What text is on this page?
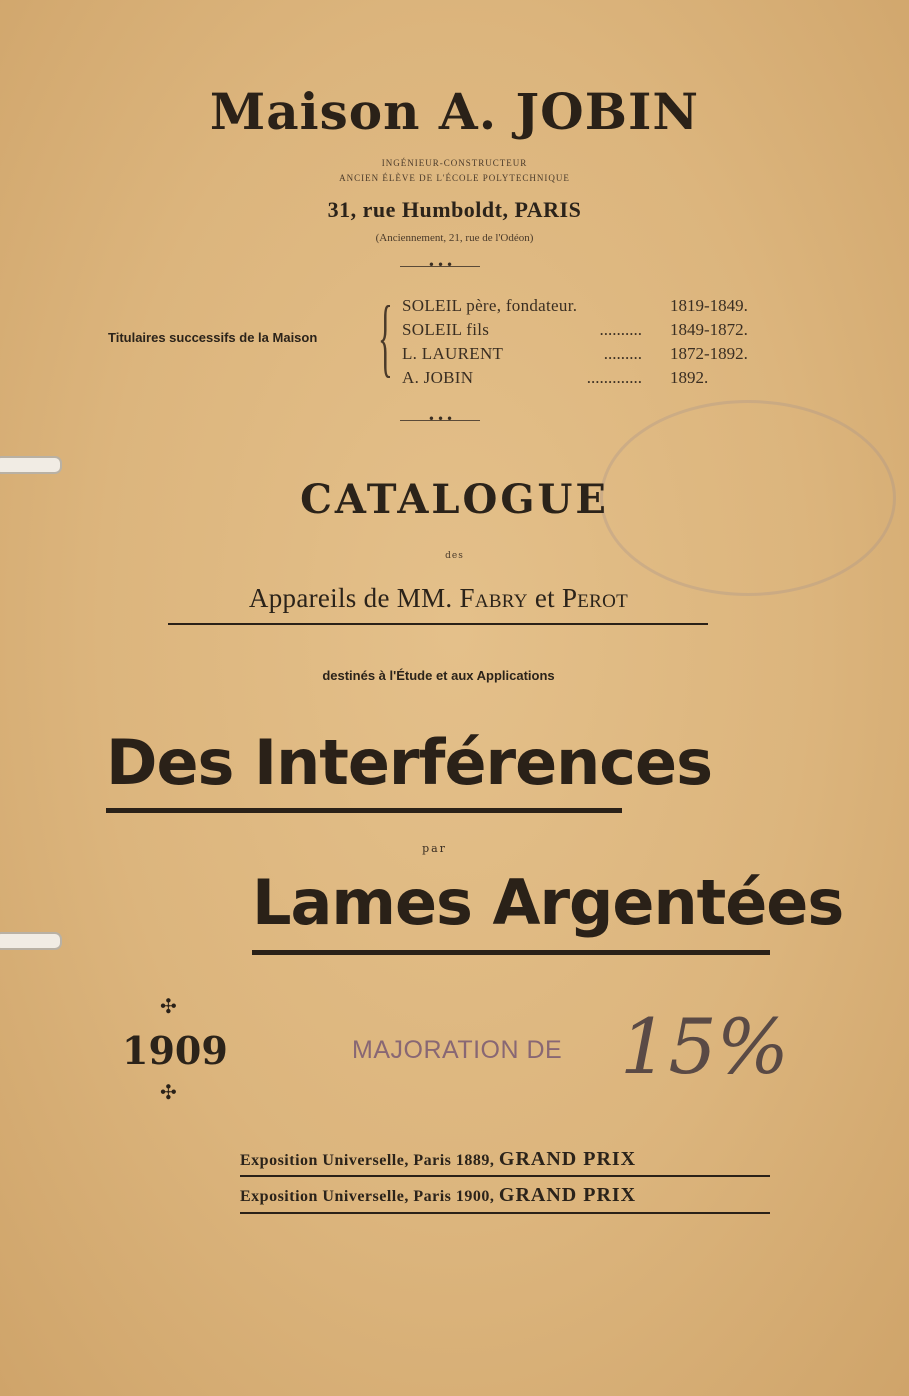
Maison A. JOBIN
INGÉNIEUR-CONSTRUCTEUR
ANCIEN ÉLÈVE DE L'ÉCOLE POLYTECHNIQUE
31, rue Humboldt, PARIS
(Anciennement, 21, rue de l'Odéon)
•••
Titulaires successifs de la Maison { SOLEIL père, fondateur.	1819-1849.
SOLEIL fils	.......... 1849-1872.
L. LAURENT	......... 1872-1892.
A. JOBIN	............. 1892.
•••
CATALOGUE
des
Appareils de MM. Fabry et Perot
destinés à l'Étude et aux Applications
Des Interférences
par
Lames Argentées
✣
1909
✣
MAJORATION DE 15%
Exposition Universelle, Paris 1889, GRAND PRIX
Exposition Universelle, Paris 1900, GRAND PRIX
